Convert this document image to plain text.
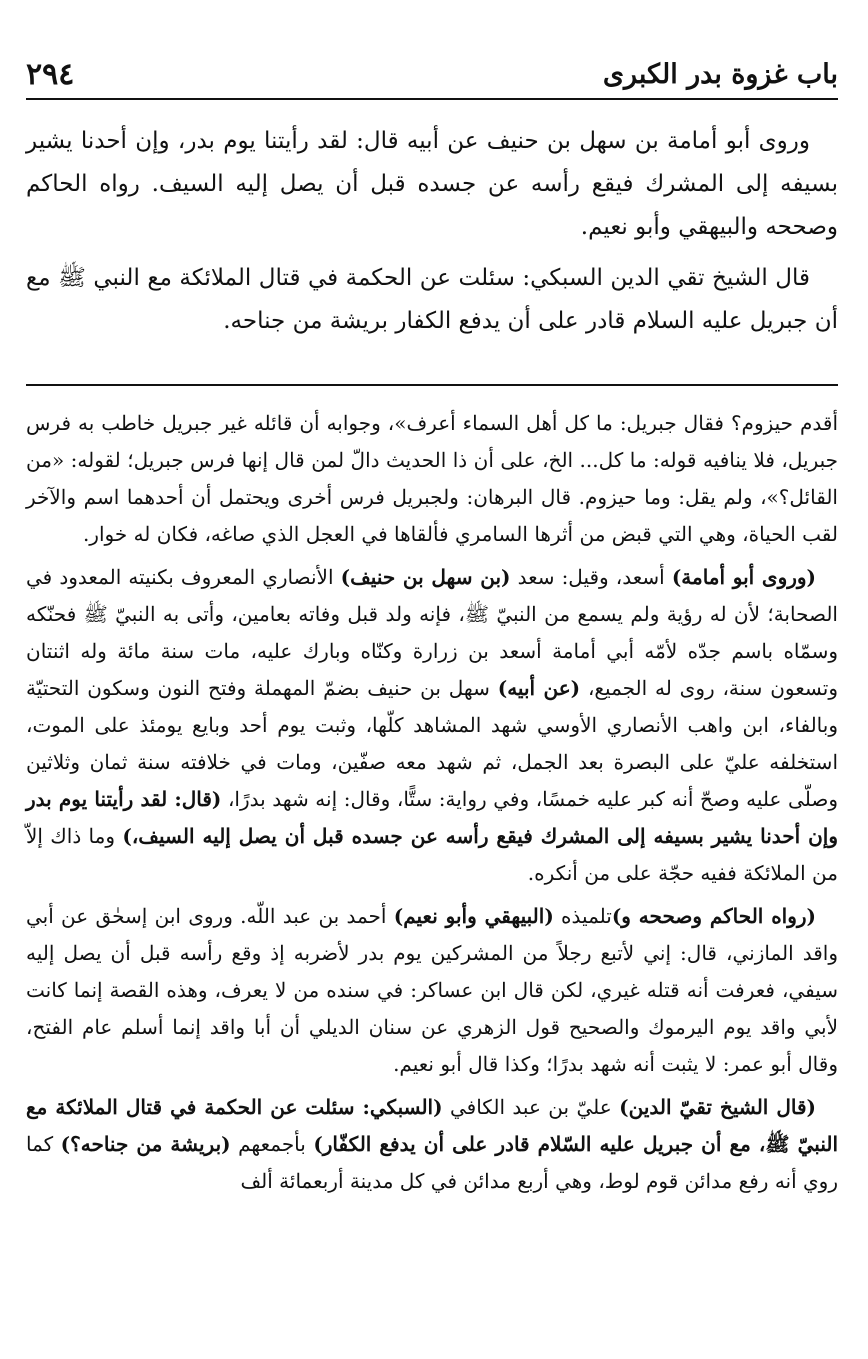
باب غزوة بدر الكبرى
٢٩٤

وروى أبو أمامة بن سهل بن حنيف عن أبيه قال: لقد رأيتنا يوم بدر، وإن أحدنا يشير بسيفه إلى المشرك فيقع رأسه عن جسده قبل أن يصل إليه السيف. رواه الحاكم وصححه والبيهقي وأبو نعيم.

قال الشيخ تقي الدين السبكي: سئلت عن الحكمة في قتال الملائكة مع النبي ﷺ مع أن جبريل عليه السلام قادر على أن يدفع الكفار بريشة من جناحه.

أقدم حيزوم؟ فقال جبريل: ما كل أهل السماء أعرف»، وجوابه أن قائله غير جبريل خاطب به فرس جبريل، فلا ينافيه قوله: ما كل... الخ، على أن ذا الحديث دالّ لمن قال إنها فرس جبريل؛ لقوله: «من القائل؟»، ولم يقل: وما حيزوم. قال البرهان: ولجبريل فرس أخرى ويحتمل أن أحدهما اسم والآخر لقب الحياة، وهي التي قبض من أثرها السامري فألقاها في العجل الذي صاغه، فكان له خوار.

(وروى أبو أمامة) أسعد، وقيل: سعد (بن سهل بن حنيف) الأنصاري المعروف بكنيته المعدود في الصحابة؛ لأن له رؤية ولم يسمع من النبيّ ﷺ، فإنه ولد قبل وفاته بعامين، وأتى به النبيّ ﷺ فحنّكه وسمّاه باسم جدّه لأمّه أبي أمامة أسعد بن زرارة وكنّاه وبارك عليه، مات سنة مائة وله اثنتان وتسعون سنة، روى له الجميع، (عن أبيه) سهل بن حنيف بضمّ المهملة وفتح النون وسكون التحتيّة وبالفاء، ابن واهب الأنصاري الأوسي شهد المشاهد كلّها، وثبت يوم أحد وبايع يومئذ على الموت، استخلفه عليّ على البصرة بعد الجمل، ثم شهد معه صفّين، ومات في خلافته سنة ثمان وثلاثين وصلّى عليه وصحّ أنه كبر عليه خمسًا، وفي رواية: ستًّا، وقال: إنه شهد بدرًا، (قال: لقد رأيتنا يوم بدر وإن أحدنا يشير بسيفه إلى المشرك فيقع رأسه عن جسده قبل أن يصل إليه السيف،) وما ذاك إلاّ من الملائكة ففيه حجّة على من أنكره.

(رواه الحاكم وصححه و)تلميذه (البيهقي وأبو نعيم) أحمد بن عبد اللّه. وروى ابن إسحٰق عن أبي واقد المازني، قال: إني لأتبع رجلاً من المشركين يوم بدر لأضربه إذ وقع رأسه قبل أن يصل إليه سيفي، فعرفت أنه قتله غيري، لكن قال ابن عساكر: في سنده من لا يعرف، وهذه القصة إنما كانت لأبي واقد يوم اليرموك والصحيح قول الزهري عن سنان الديلي أن أبا واقد إنما أسلم عام الفتح، وقال أبو عمر: لا يثبت أنه شهد بدرًا؛ وكذا قال أبو نعيم.

(قال الشيخ تقيّ الدين) عليّ بن عبد الكافي (السبكي: سئلت عن الحكمة في قتال الملائكة مع النبيّ ﷺ، مع أن جبريل عليه السّلام قادر على أن يدفع الكفّار) بأجمعهم (بريشة من جناحه؟) كما روي أنه رفع مدائن قوم لوط، وهي أربع مدائن في كل مدينة أربعمائة ألف
